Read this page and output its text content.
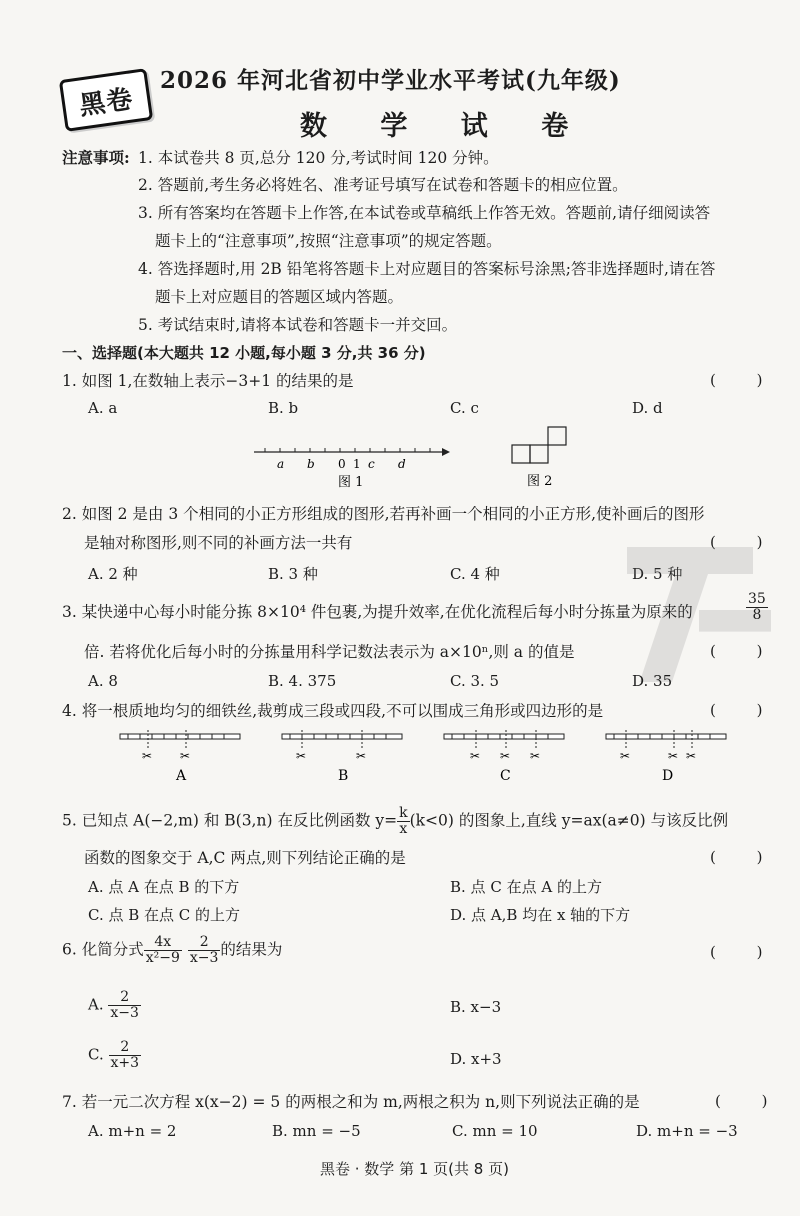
黑卷
2026 年河北省初中学业水平考试(九年级)
数 学 试 卷
注意事项: 1. 本试卷共 8 页,总分 120 分,考试时间 120 分钟。
2. 答题前,考生务必将姓名、准考证号填写在试卷和答题卡的相应位置。
3. 所有答案均在答题卡上作答,在本试卷或草稿纸上作答无效。答题前,请仔细阅读答
题卡上的“注意事项”,按照“注意事项”的规定答题。
4. 答选择题时,用 2B 铅笔将答题卡上对应题目的答案标号涂黑;答非选择题时,请在答
题卡上对应题目的答题区域内答题。
5. 考试结束时,请将本试卷和答题卡一并交回。
一、选择题(本大题共 12 小题,每小题 3 分,共 36 分)
1. 如图 1,在数轴上表示−3+1 的结果的是	( )
A. a	B. b	C. c	D. d
a b 0 1 c d
图 1	图 2
2. 如图 2 是由 3 个相同的小正方形组成的图形,若再补画一个相同的小正方形,使补画后的图形
是轴对称图形,则不同的补画方法一共有	( )
A. 2 种	B. 3 种	C. 4 种	D. 5 种
3. 某快递中心每小时能分拣 8×10⁴ 件包裹,为提升效率,在优化流程后每小时分拣量为原来的	$\frac{35}{8}$
倍. 若将优化后每小时的分拣量用科学记数法表示为 a×10ⁿ,则 a 的值是	( )
A. 8	B. 4. 375	C. 3. 5	D. 35
4. 将一根质地均匀的细铁丝,裁剪成三段或四段,不可以围成三角形或四边形的是	( )
✂ ✂
A
✂	✂
B
✂ ✂ ✂
C
✂	✂ ✂
D
5. 已知点 A(−2,m) 和 B(3,n) 在反比例函数 $y= \frac{k}{x} (k<0)$ 的图象上,直线 y=ax(a≠0) 与该反比例
函数的图象交于 A,C 两点,则下列结论正确的是	( )
A. 点 A 在点 B 的下方	B. 点 C 在点 A 的上方
C. 点 B 在点 C 的上方	D. 点 A,B 均在 x 轴的下方
6. 化简分式 $\frac{4x}{\text{x²−9}} \frac{2}{x-3}$ 的结果为	( )
A. $\frac{2}{x-3}$	B. x−3
C. $\frac{2}{x+3}$	D. x+3
7. 若一元二次方程 x(x−2) = 5 的两根之和为 m,两根之积为 n,则下列说法正确的是	( )
A. m+n = 2	B. mn = −5	C. mn = 10	D. m+n = −3
黑卷 · 数学 第 1 页(共 8 页)
